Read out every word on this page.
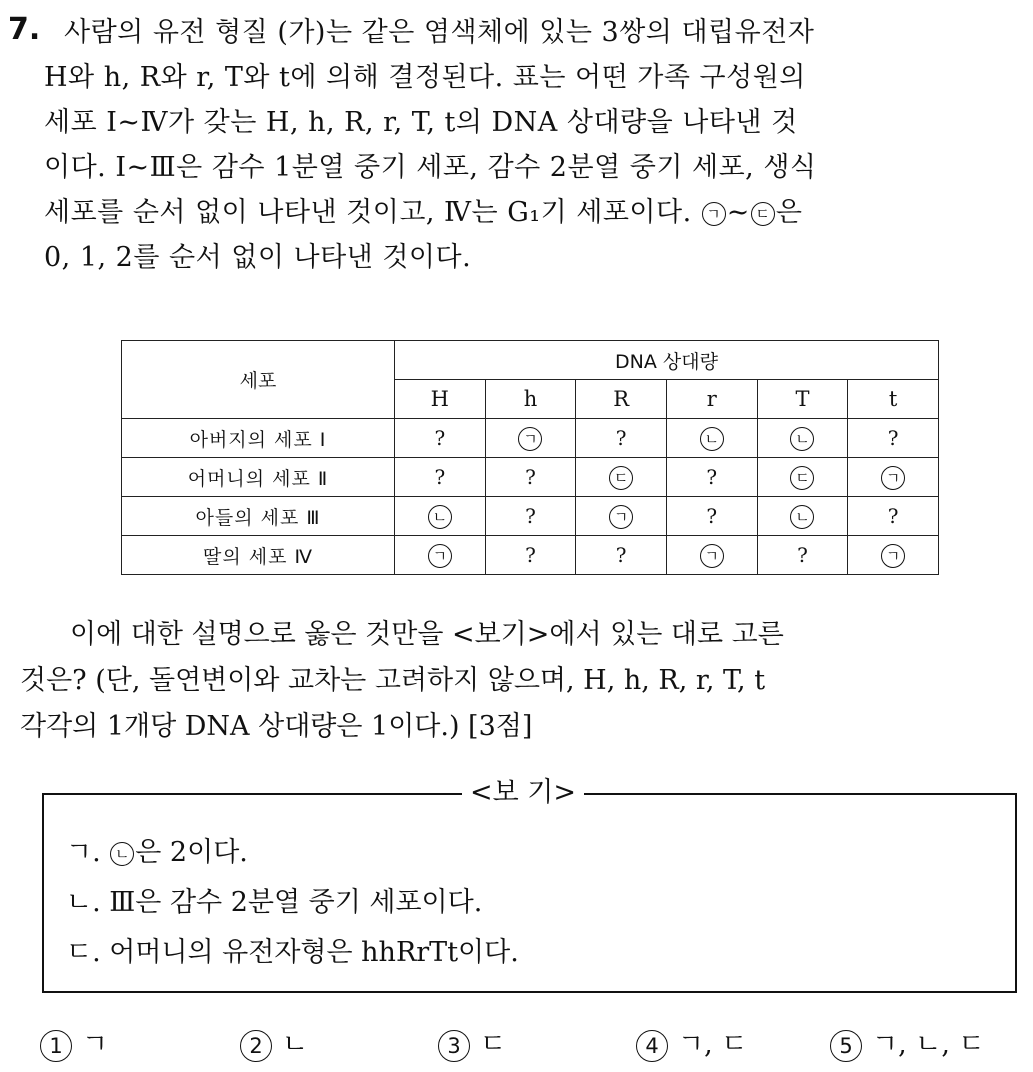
7. 사람의 유전 형질 (가)는 같은 염색체에 있는 3쌍의 대립유전자
H와 h, R와 r, T와 t에 의해 결정된다. 표는 어떤 가족 구성원의
세포 Ⅰ~Ⅳ가 갖는 H, h, R, r, T, t의 DNA 상대량을 나타낸 것
이다. Ⅰ~Ⅲ은 감수 1분열 중기 세포, 감수 2분열 중기 세포, 생식
세포를 순서 없이 나타낸 것이고, Ⅳ는 G₁기 세포이다. ㄱ ~ ㄷ 은
0, 1, 2를 순서 없이 나타낸 것이다.
세포	DNA 상대량					
	H	h	R	r	T	t
아버지의 세포 Ⅰ	?	ㄱ	?	ㄴ	ㄴ	?
어머니의 세포 Ⅱ	?	?	ㄷ	?	ㄷ	ㄱ
아들의 세포 Ⅲ	ㄴ	?	ㄱ	?	ㄴ	?
딸의 세포 Ⅳ	ㄱ	?	?	ㄱ	?	ㄱ
이에 대한 설명으로 옳은 것만을 <보기>에서 있는 대로 고른
것은? (단, 돌연변이와 교차는 고려하지 않으며, H, h, R, r, T, t
각각의 1개당 DNA 상대량은 1이다.) [3점]
<보 기>
ㄱ. ㄴ 은 2이다.
ㄴ. Ⅲ은 감수 2분열 중기 세포이다.
ㄷ. 어머니의 유전자형은 hhRrTt이다.
1 ㄱ	2 ㄴ	3 ㄷ	4 ㄱ, ㄷ	5 ㄱ, ㄴ, ㄷ
